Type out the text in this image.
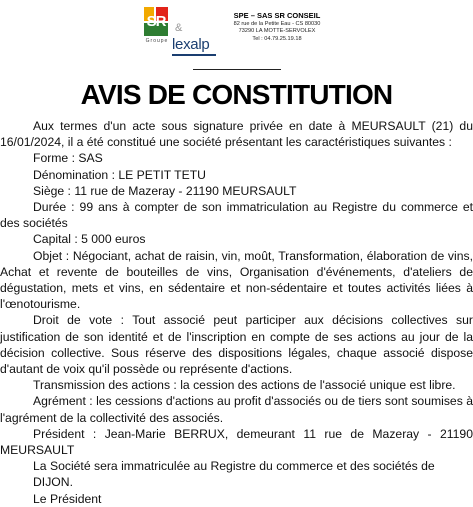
SR
Groupe
&
lexalp
SPE – SAS SR CONSEIL
82 rue de la Petite Eau - CS 80030
73290 LA MOTTE-SERVOLEX
Tel : 04.79.25.19.18
AVIS DE CONSTITUTION

Aux termes d'un acte sous signature privée en date à MEURSAULT (21) du 16/01/2024, il a été constitué une société présentant les caractéristiques suivantes :

Forme : SAS

Dénomination : LE PETIT TETU

Siège : 11 rue de Mazeray - 21190 MEURSAULT

Durée : 99 ans à compter de son immatriculation au Registre du commerce et des sociétés

Capital : 5 000 euros

Objet : Négociant, achat de raisin, vin, moût, Transformation, élaboration de vins, Achat et revente de bouteilles de vins, Organisation d'événements, d'ateliers de dégustation, mets et vins, en sédentaire et non-sédentaire et toutes activités liées à l'œnotourisme.

Droit de vote : Tout associé peut participer aux décisions collectives sur justification de son identité et de l'inscription en compte de ses actions au jour de la décision collective. Sous réserve des dispositions légales, chaque associé dispose d'autant de voix qu'il possède ou représente d'actions.

Transmission des actions : la cession des actions de l'associé unique est libre.

Agrément : les cessions d'actions au profit d'associés ou de tiers sont soumises à l'agrément de la collectivité des associés.

Président : Jean-Marie BERRUX, demeurant 11 rue de Mazeray - 21190 MEURSAULT

La Société sera immatriculée au Registre du commerce et des sociétés de DIJON.

Le Président
